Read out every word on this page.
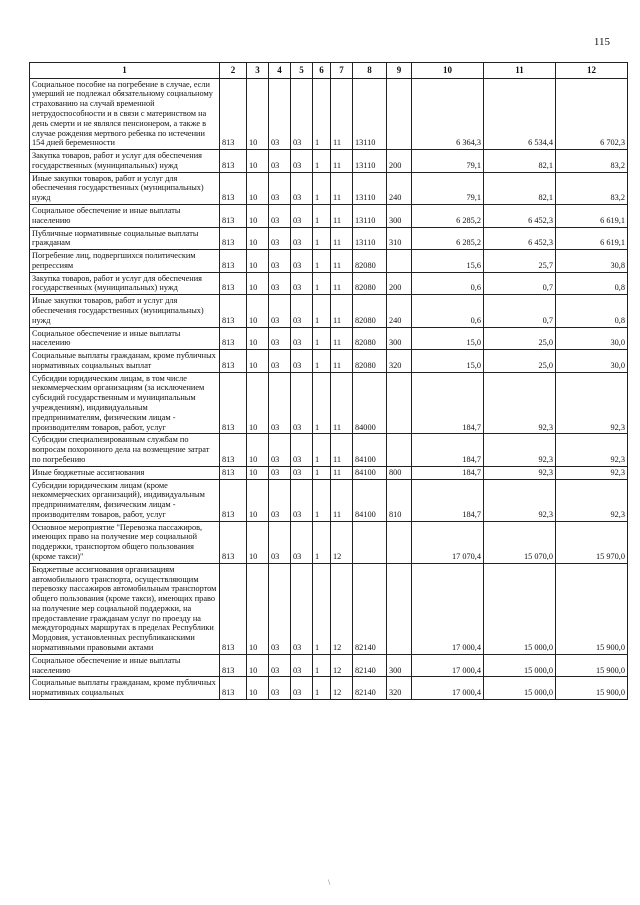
115
1	2	3	4	5	6	7	8	9	10	11	12
Социальное пособие на погребение в случае, если умерший не подлежал обязательному социальному страхованию на случай временной нетрудоспособности и в связи с материнством на день смерти и не являлся пенсионером, а также в случае рождения мертвого ребенка по истечении 154 дней беременности	813	10	03	03	1	11	13110		6 364,3	6 534,4	6 702,3
Закупка товаров, работ и услуг для обеспечения государственных (муниципальных) нужд	813	10	03	03	1	11	13110	200	79,1	82,1	83,2
Иные закупки товаров, работ и услуг для обеспечения государственных (муниципальных) нужд	813	10	03	03	1	11	13110	240	79,1	82,1	83,2
Социальное обеспечение и иные выплаты населению	813	10	03	03	1	11	13110	300	6 285,2	6 452,3	6 619,1
Публичные нормативные социальные выплаты гражданам	813	10	03	03	1	11	13110	310	6 285,2	6 452,3	6 619,1
Погребение лиц, подвергшихся политическим репрессиям	813	10	03	03	1	11	82080		15,6	25,7	30,8
Закупка товаров, работ и услуг для обеспечения государственных (муниципальных) нужд	813	10	03	03	1	11	82080	200	0,6	0,7	0,8
Иные закупки товаров, работ и услуг для обеспечения государственных (муниципальных) нужд	813	10	03	03	1	11	82080	240	0,6	0,7	0,8
Социальное обеспечение и иные выплаты населению	813	10	03	03	1	11	82080	300	15,0	25,0	30,0
Социальные выплаты гражданам, кроме публичных нормативных социальных выплат	813	10	03	03	1	11	82080	320	15,0	25,0	30,0
Субсидии юридическим лицам, в том числе некоммерческим организациям (за исключением субсидий государственным и муниципальным учреждениям), индивидуальным предпринимателям, физическим лицам - производителям товаров, работ, услуг	813	10	03	03	1	11	84000		184,7	92,3	92,3
Субсидии специализированным службам по вопросам похоронного дела на возмещение затрат по погребению	813	10	03	03	1	11	84100		184,7	92,3	92,3
Иные бюджетные ассигнования	813	10	03	03	1	11	84100	800	184,7	92,3	92,3
Субсидии юридическим лицам (кроме некоммерческих организаций), индивидуальным предпринимателям, физическим лицам - производителям товаров, работ, услуг	813	10	03	03	1	11	84100	810	184,7	92,3	92,3
Основное мероприятие "Перевозка пассажиров, имеющих право на получение мер социальной поддержки, транспортом общего пользования (кроме такси)"	813	10	03	03	1	12			17 070,4	15 070,0	15 970,0
Бюджетные ассигнования организациям автомобильного транспорта, осуществляющим перевозку пассажиров автомобильным транспортом общего пользования (кроме такси), имеющих право на получение мер социальной поддержки, на предоставление гражданам услуг по проезду на междугородных маршрутах в пределах Республики Мордовия, установленных республиканскими нормативными правовыми актами	813	10	03	03	1	12	82140		17 000,4	15 000,0	15 900,0
Социальное обеспечение и иные выплаты населению	813	10	03	03	1	12	82140	300	17 000,4	15 000,0	15 900,0
Социальные выплаты гражданам, кроме публичных нормативных социальных	813	10	03	03	1	12	82140	320	17 000,4	15 000,0	15 900,0
\
